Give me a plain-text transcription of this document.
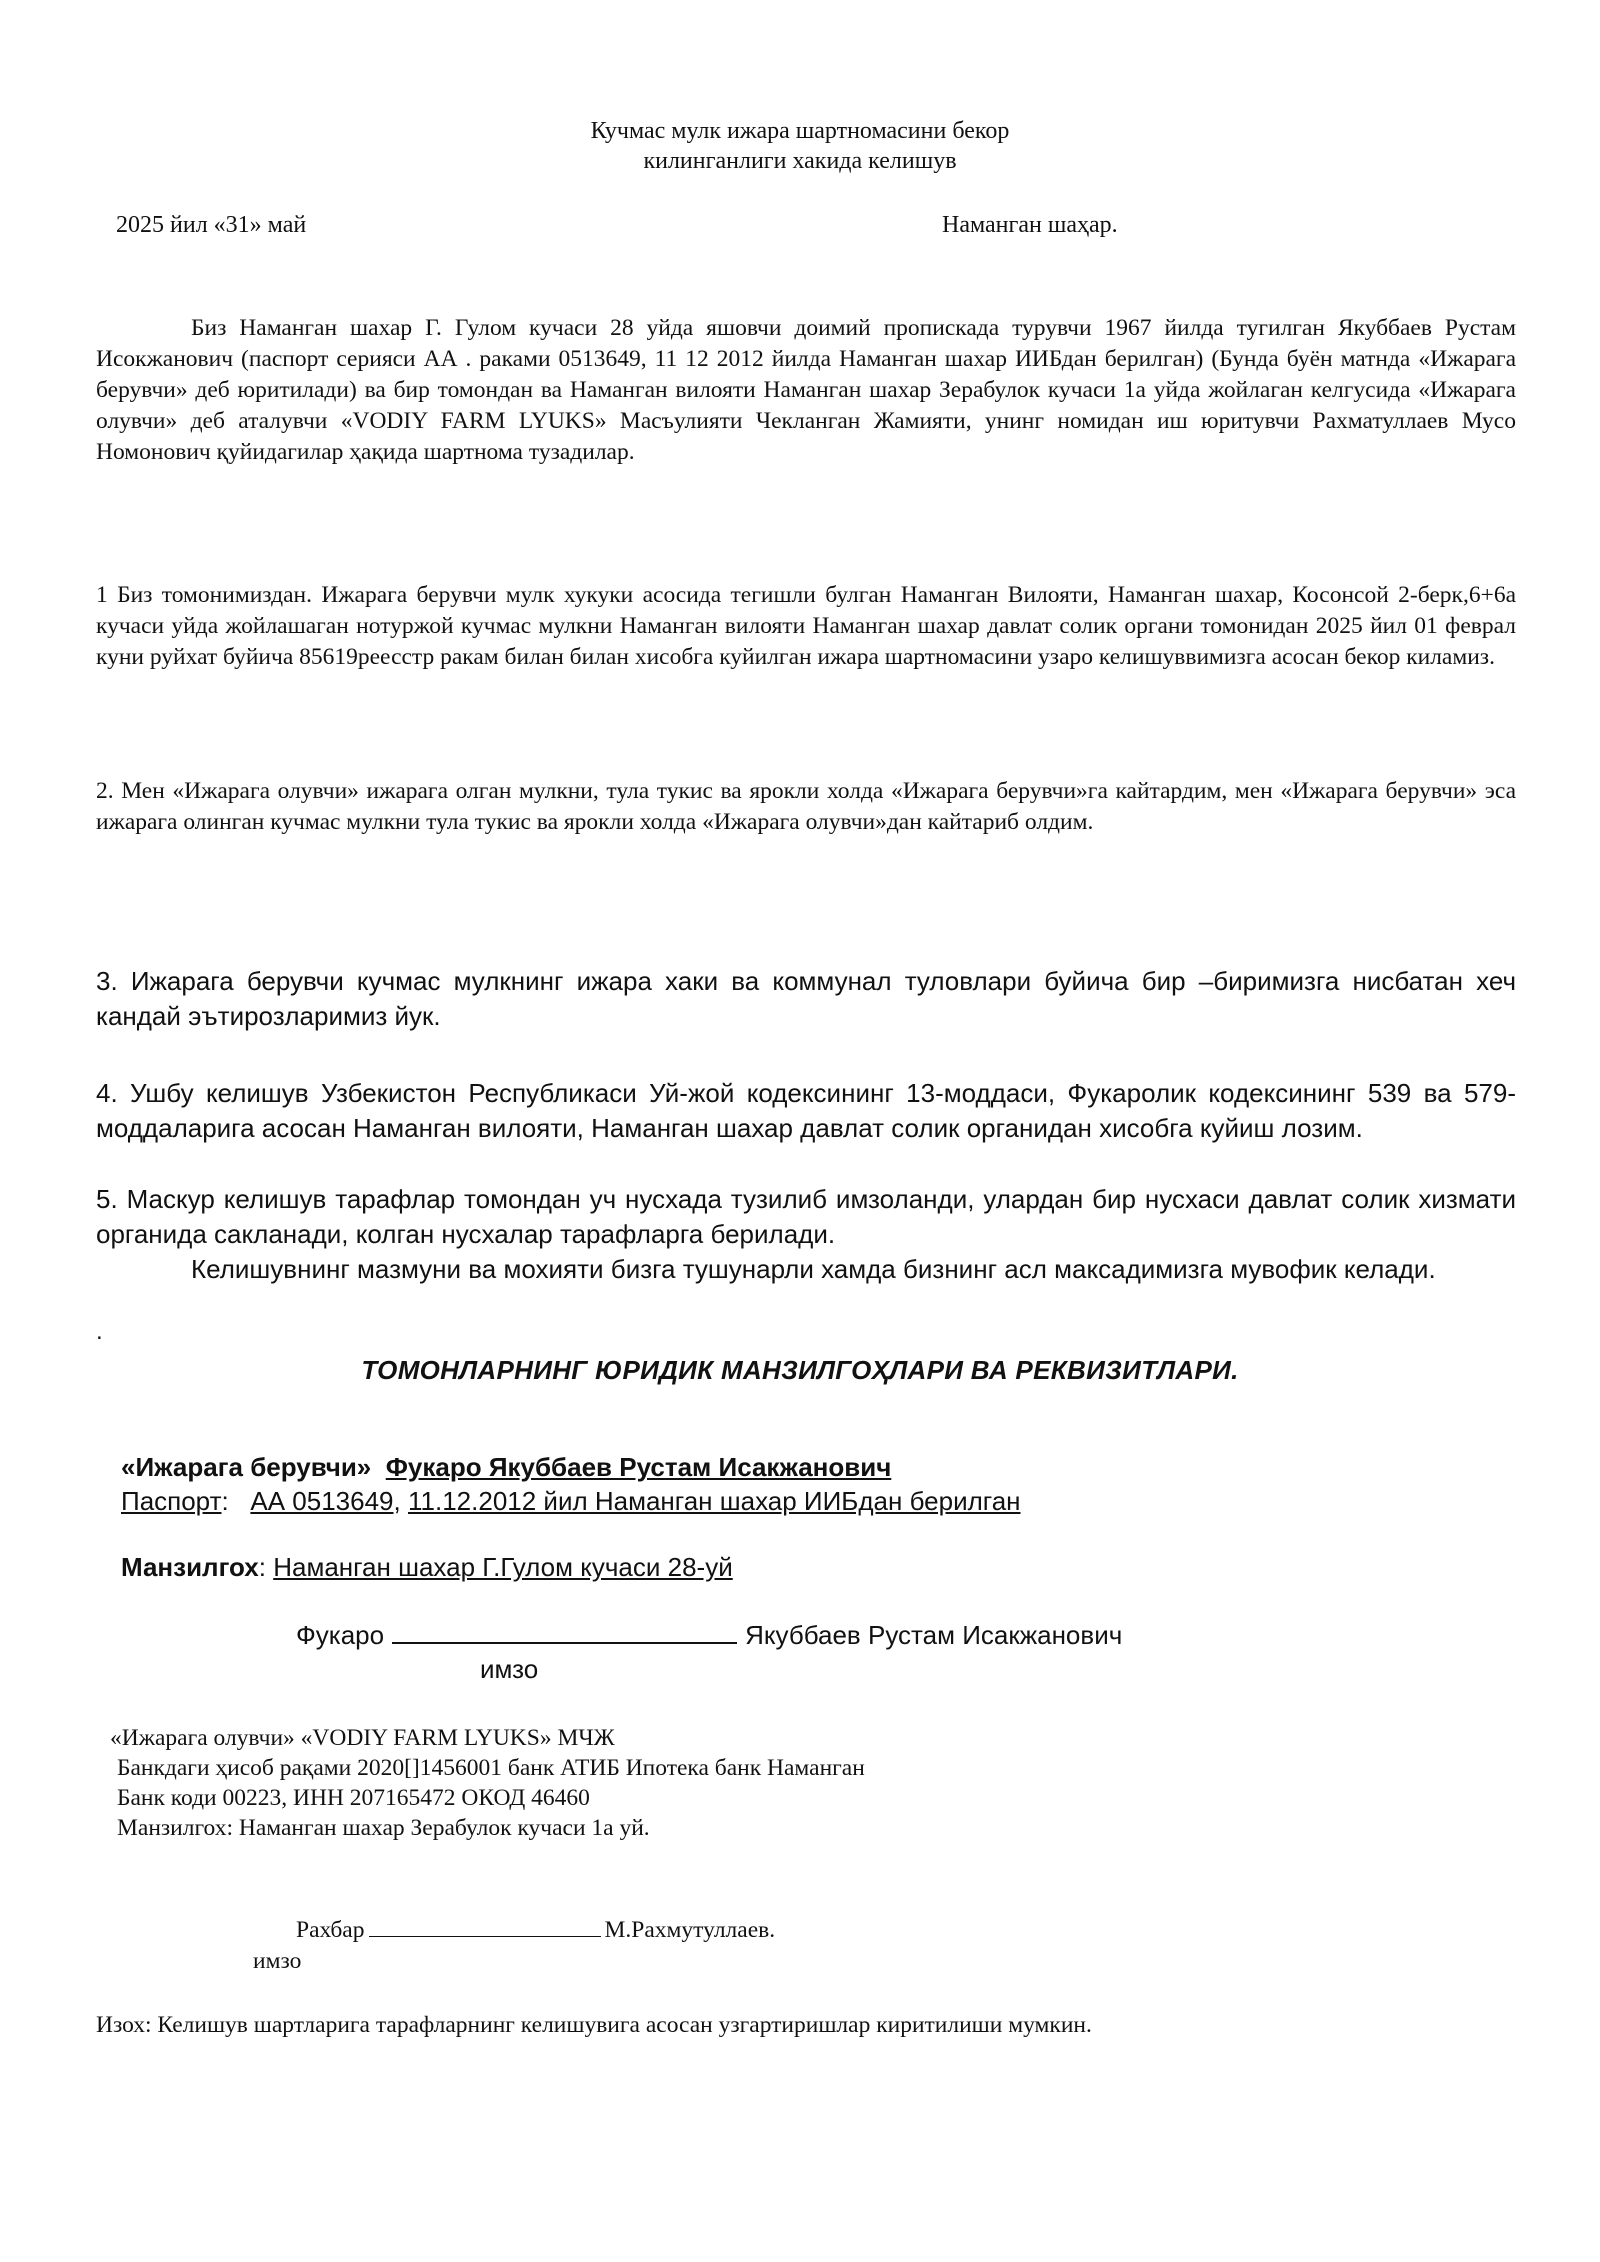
Кучмас мулк ижара шартномасини бекор
килинганлиги хакида келишув
2025 йил «31» май	Наманган шаҳар.
Биз Наманган шахар Г. Гулом кучаси 28 уйда яшовчи доимий пропискада турувчи 1967 йилда тугилган Якуббаев Рустам Исокжанович (паспорт серияси АА . раками 0513649, 11 12 2012 йилда Наманган шахар ИИБдан берилган) (Бунда буён матнда «Ижарага берувчи» деб юритилади) ва бир томондан ва Наманган вилояти Наманган шахар Зерабулок кучаси 1а уйда жойлаган келгусида «Ижарага олувчи» деб аталувчи «VODIY FARM LYUKS» Масъулияти Чекланган Жамияти, унинг номидан иш юритувчи Рахматуллаев Мусо Номонович қуйидагилар ҳақида шартнома тузадилар.
1 Биз томонимиздан. Ижарага берувчи мулк хукуки асосида тегишли булган Наманган Вилояти, Наманган шахар, Косонсой 2-берк,6+6а кучаси уйда жойлашаган нотуржой кучмас мулкни Наманган вилояти Наманган шахар давлат солик органи томонидан 2025 йил 01 феврал куни руйхат буйича 85619реесстр ракам билан билан хисобга куйилган ижара шартномасини узаро келишуввимизга асосан бекор киламиз.
2. Мен «Ижарага олувчи» ижарага олган мулкни, тула тукис ва ярокли холда «Ижарага берувчи»га кайтардим, мен «Ижарага берувчи» эса ижарага олинган кучмас мулкни тула тукис ва ярокли холда «Ижарага олувчи»дан кайтариб олдим.
3. Ижарага берувчи кучмас мулкнинг ижара хаки ва коммунал туловлари буйича бир –биримизга нисбатан хеч кандай эътирозларимиз йук.
4. Ушбу келишув Узбекистон Республикаси Уй-жой кодексининг 13-моддаси, Фукаролик кодексининг 539 ва 579-моддаларига асосан Наманган вилояти, Наманган шахар давлат солик органидан хисобга куйиш лозим.
5. Маскур келишув тарафлар томондан уч нусхада тузилиб имзоланди, улардан бир нусхаси давлат солик хизмати органида сакланади, колган нусхалар тарафларга берилади.
Келишувнинг мазмуни ва мохияти бизга тушунарли хамда бизнинг асл максадимизга мувофик келади.
.
ТОМОНЛАРНИНГ ЮРИДИК МАНЗИЛГОҲЛАРИ ВА РЕКВИЗИТЛАРИ.
«Ижарага берувчи» Фукаро Якуббаев Рустам Исакжанович
Паспорт: АА 0513649, 11.12.2012 йил Наманган шахар ИИБдан берилган
Манзилгох: Наманган шахар Г.Гулом кучаси 28-уй
Фукаро	Якуббаев Рустам Исакжанович
имзо
«Ижарага олувчи» «VODIY FARM LYUKS» МЧЖ
Банкдаги ҳисоб рақами 2020[]1456001 банк АТИБ Ипотека банк Наманган
Банк коди 00223, ИНН 207165472 ОКОД 46460
Манзилгох: Наманган шахар Зерабулок кучаси 1а уй.
Рахбар	М.Рахмутуллаев.
имзо
Изох: Келишув шартларига тарафларнинг келишувига асосан узгартиришлар киритилиши мумкин.
